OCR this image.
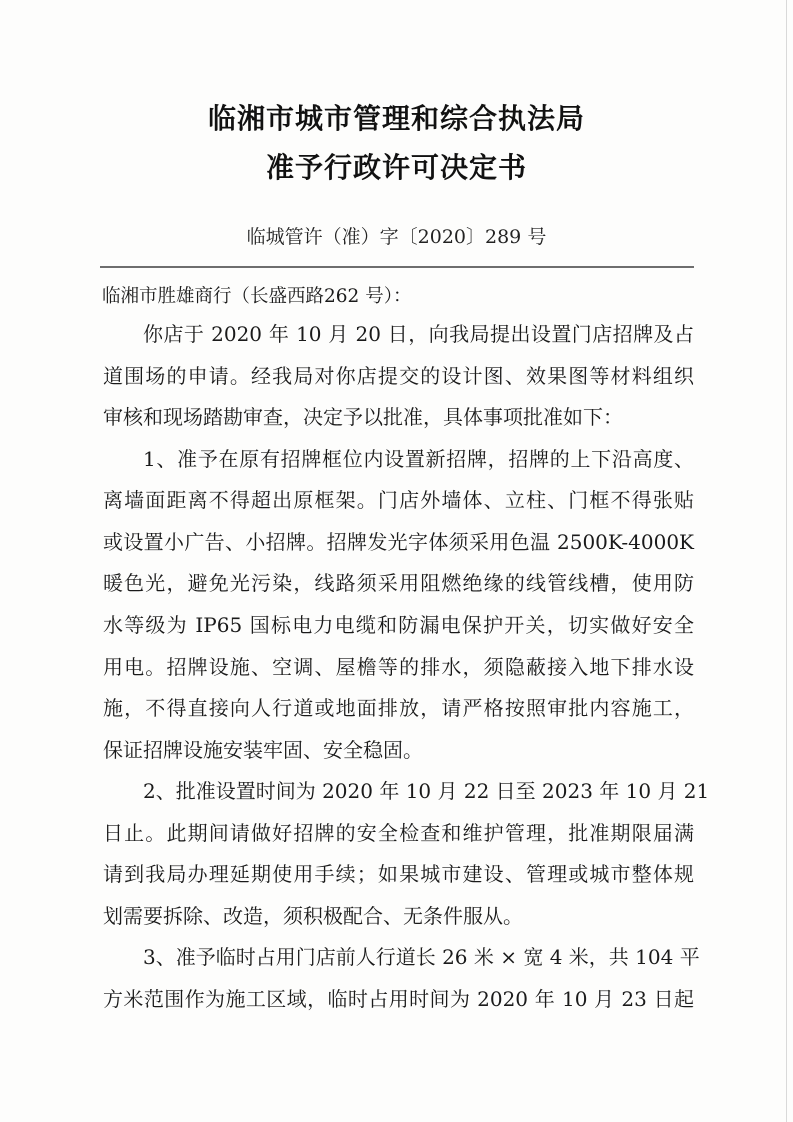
临湘市城市管理和综合执法局
准予行政许可决定书
临城管许（准）字〔2020〕289 号
临湘市胜雄商行（长盛西路262 号）：
你店于 2020 年 10 月 20 日，向我局提出设置门店招牌及占
道围场的申请。经我局对你店提交的设计图、效果图等材料组织
审核和现场踏勘审查，决定予以批准，具体事项批准如下：
1、准予在原有招牌框位内设置新招牌，招牌的上下沿高度、
离墙面距离不得超出原框架。门店外墙体、立柱、门框不得张贴
或设置小广告、小招牌。招牌发光字体须采用色温 2500K-4000K
暖色光，避免光污染，线路须采用阻燃绝缘的线管线槽，使用防
水等级为 IP65 国标电力电缆和防漏电保护开关，切实做好安全
用电。招牌设施、空调、屋檐等的排水，须隐蔽接入地下排水设
施，不得直接向人行道或地面排放，请严格按照审批内容施工，
保证招牌设施安装牢固、安全稳固。
2、批准设置时间为 2020 年 10 月 22 日至 2023 年 10 月 21
日止。此期间请做好招牌的安全检查和维护管理，批准期限届满
请到我局办理延期使用手续；如果城市建设、管理或城市整体规
划需要拆除、改造，须积极配合、无条件服从。
3、准予临时占用门店前人行道长 26 米 × 宽 4 米，共 104 平
方米范围作为施工区域，临时占用时间为 2020 年 10 月 23 日起
